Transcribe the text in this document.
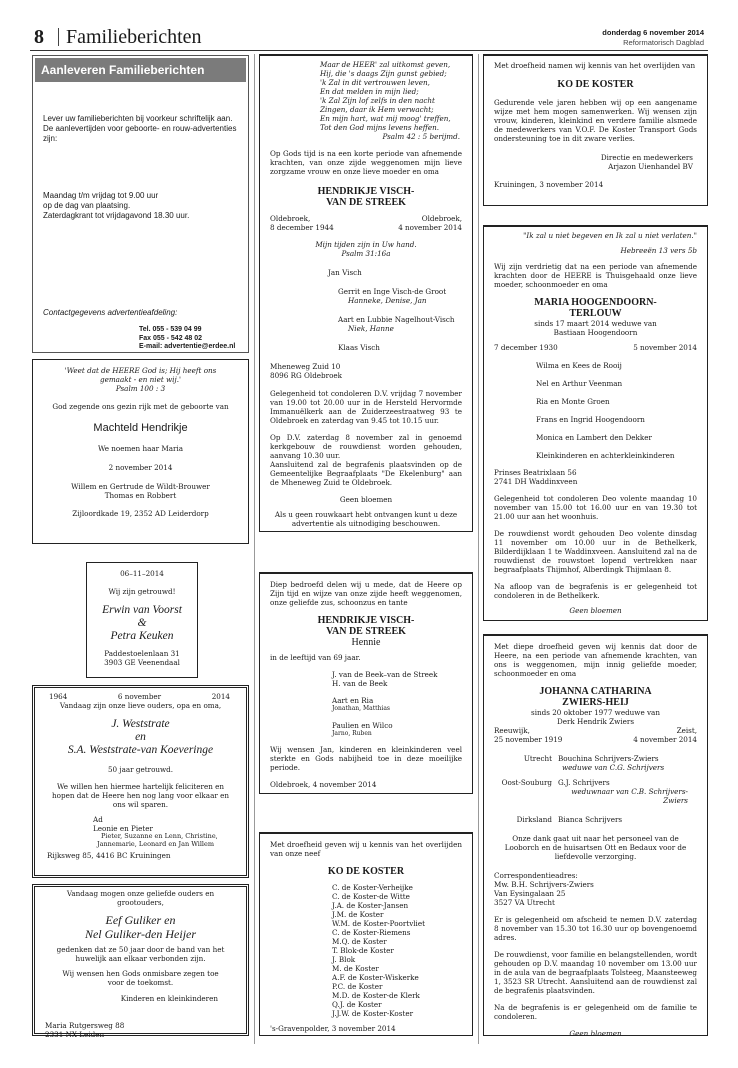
8 Familieberichten	donderdag 6 november 2014
Reformatorisch Dagblad
Aanleveren Familieberichten
Lever uw familieberichten bij voorkeur schriftelijk aan. De aanlevertijden voor geboorte- en rouw-advertenties zijn:
Maandag t/m vrijdag tot 9.00 uur
op de dag van plaatsing.
Zaterdagkrant tot vrijdagavond 18.30 uur.
Contactgegevens advertentieafdeling:
Tel. 055 - 539 04 99
Fax 055 - 542 48 02
E-mail: advertentie@erdee.nl
'Weet dat de HEERE God is; Hij heeft ons
gemaakt - en niet wij.'
Psalm 100 : 3
God zegende ons gezin rijk met de geboorte van
Machteld Hendrikje
We noemen haar Maria
2 november 2014
Willem en Gertrude de Wildt-Brouwer
Thomas en Robbert
Zijloordkade 19, 2352 AD Leiderdorp
06–11–2014
Wij zijn getrouwd!
Erwin van Voorst
&
Petra Keuken
Paddestoelenlaan 31
3903 GE Veenendaal
1964	6 november	2014
Vandaag zijn onze lieve ouders, opa en oma,
J. Weststrate
en
S.A. Weststrate-van Koeveringe
50 jaar getrouwd.
We willen hen hiermee hartelijk feliciteren en hopen dat de Heere hen nog lang voor elkaar en ons wil sparen.
Ad
Leonie en Pieter
Pieter, Suzanne en Lenn, Christine,
Jannemarie, Leonard en Jan Willem
Rijksweg 85, 4416 BC Kruiningen
Vandaag mogen onze geliefde ouders en
grootouders,
Eef Guliker en
Nel Guliker-den Heijer
gedenken dat ze 50 jaar door de band van het
huwelijk aan elkaar verbonden zijn.
Wij wensen hen Gods onmisbare zegen toe
voor de toekomst.
Kinderen en kleinkinderen
Maria Rutgersweg 88
2331 NX Leiden
Maar de HEER' zal uitkomst geven,
Hij, die 's daags Zijn gunst gebied;
'k Zal in dit vertrouwen leven,
En dat melden in mijn lied;
'k Zal Zijn lof zelfs in den nacht
Zingen, daar ik Hem verwacht;
En mijn hart, wat mij moog' treffen,
Tot den God mijns levens heffen.
Psalm 42 : 5 berijmd.
Op Gods tijd is na een korte periode van afnemende krachten, van onze zijde weggenomen mijn lieve zorgzame vrouw en onze lieve moeder en oma
HENDRIKJE VISCH-
VAN DE STREEK
Oldebroek,	Oldebroek,
8 december 1944	4 november 2014
Mijn tijden zijn in Uw hand.
Psalm 31:16a
Jan Visch
Gerrit en Inge Visch-de Groot
Hanneke, Denise, Jan
Aart en Lubbie Nagelhout-Visch
Niek, Hanne
Klaas Visch
Mheneweg Zuid 10
8096 RG Oldebroek
Gelegenheid tot condoleren D.V. vrijdag 7 november van 19.00 tot 20.00 uur in de Hersteld Hervormde Immanuëlkerk aan de Zuiderzeestraatweg 93 te Oldebroek en zaterdag van 9.45 tot 10.15 uur.
Op D.V. zaterdag 8 november zal in genoemd kerkgebouw de rouwdienst worden gehouden, aanvang 10.30 uur.
Aansluitend zal de begrafenis plaatsvinden op de Gemeentelijke Begraafplaats "De Ekelenburg" aan de Mheneweg Zuid te Oldebroek.
Geen bloemen
Als u geen rouwkaart hebt ontvangen kunt u deze advertentie als uitnodiging beschouwen.
Diep bedroefd delen wij u mede, dat de Heere op Zijn tijd en wijze van onze zijde heeft weggenomen, onze geliefde zus, schoonzus en tante
HENDRIKJE VISCH-
VAN DE STREEK
Hennie
in de leeftijd van 69 jaar.
J. van de Beek–van de Streek
H. van de Beek
Aart en Ria
Jonathan, Matthias
Paulien en Wilco
Jarno, Ruben
Wij wensen Jan, kinderen en kleinkinderen veel sterkte en Gods nabijheid toe in deze moeilijke periode.
Oldebroek, 4 november 2014
Met droefheid geven wij u kennis van het overlijden van onze neef
KO DE KOSTER
C. de Koster-Verheijke
C. de Koster-de Witte
J.A. de Koster-Jansen
J.M. de Koster
W.M. de Koster-Poortvliet
C. de Koster-Riemens
M.Q. de Koster
T. Blok-de Koster
J. Blok
M. de Koster
A.F. de Koster-Wiskerke
P.C. de Koster
M.D. de Koster-de Klerk
Q.J. de Koster
J.J.W. de Koster-Koster
's-Gravenpolder, 3 november 2014
Met droefheid namen wij kennis van het overlijden van
KO DE KOSTER
Gedurende vele jaren hebben wij op een aangename wijze met hem mogen samenwerken. Wij wensen zijn vrouw, kinderen, kleinkind en verdere familie alsmede de medewerkers van V.O.F. De Koster Transport Gods ondersteuning toe in dit zware verlies.
Directie en medewerkers
Arjazon Uienhandel BV
Kruiningen, 3 november 2014
"Ik zal u niet begeven en Ik zal u niet verlaten."
Hebreeën 13 vers 5b
Wij zijn verdrietig dat na een periode van afnemende krachten door de HEERE is Thuisgehaald onze lieve moeder, schoonmoeder en oma
MARIA HOOGENDOORN-
TERLOUW
sinds 17 maart 2014 weduwe van
Bastiaan Hoogendoorn
7 december 1930	5 november 2014
Wilma en Kees de Rooij
Nel en Arthur Veenman
Ria en Monte Groen
Frans en Ingrid Hoogendoorn
Monica en Lambert den Dekker
Kleinkinderen en achterkleinkinderen
Prinses Beatrixlaan 56
2741 DH Waddinxveen
Gelegenheid tot condoleren Deo volente maandag 10 november van 15.00 tot 16.00 uur en van 19.30 tot 21.00 uur aan het woonhuis.
De rouwdienst wordt gehouden Deo volente dinsdag 11 november om 10.00 uur in de Bethelkerk, Bilderdijklaan 1 te Waddinxveen. Aansluitend zal na de rouwdienst de rouwstoet lopend vertrekken naar begraafplaats Thijmhof, Alberdingk Thijmlaan 8.
Na afloop van de begrafenis is er gelegenheid tot condoleren in de Bethelkerk.
Geen bloemen
Met diepe droefheid geven wij kennis dat door de Heere, na een periode van afnemende krachten, van ons is weggenomen, mijn innig geliefde moeder, schoonmoeder en oma
JOHANNA CATHARINA
ZWIERS-HEIJ
sinds 20 oktober 1977 weduwe van
Derk Hendrik Zwiers
Reeuwijk,	Zeist,
25 november 1919	4 november 2014
Utrecht Bouchina Schrijvers-Zwiers
weduwe van C.G. Schrijvers
Oost-Souburg G.J. Schrijvers
weduwnaar van C.B. Schrijvers-Zwiers
Dirksland Bianca Schrijvers
Onze dank gaat uit naar het personeel van de Looborch en de huisartsen Ott en Bedaux voor de liefdevolle verzorging.
Correspondentieadres:
Mw. B.H. Schrijvers-Zwiers
Van Eysingalaan 25
3527 VA Utrecht
Er is gelegenheid om afscheid te nemen D.V. zaterdag 8 november van 15.30 tot 16.30 uur op bovengenoemd adres.
De rouwdienst, voor familie en belangstellenden, wordt gehouden op D.V. maandag 10 november om 13.00 uur in de aula van de begraafplaats Tolsteeg, Maansteeweg 1, 3523 SR Utrecht. Aansluitend aan de rouwdienst zal de begrafenis plaatsvinden.
Na de begrafenis is er gelegenheid om de familie te condoleren.
Geen bloemen
